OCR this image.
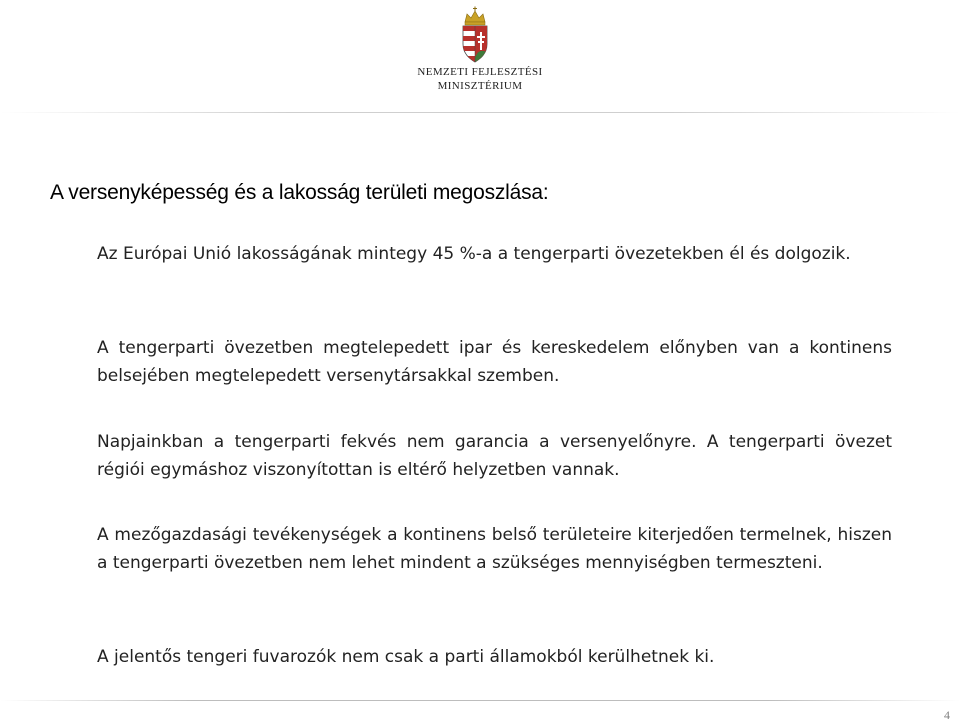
NEMZETI FEJLESZTÉSI
MINISZTÉRIUM
A versenyképesség és a lakosság területi megoszlása:

Az Európai Unió lakosságának mintegy 45 %-a a tengerparti övezetekben él és dolgozik.

A tengerparti övezetben megtelepedett ipar és kereskedelem előnyben van a kontinens belsejében megtelepedett versenytársakkal szemben.

Napjainkban a tengerparti fekvés nem garancia a versenyelőnyre. A tengerparti övezet régiói egymáshoz viszonyítottan is eltérő helyzetben vannak.

A mezőgazdasági tevékenységek a kontinens belső területeire kiterjedően termelnek, hiszen a tengerparti övezetben nem lehet mindent a szükséges mennyiségben termeszteni.

A jelentős tengeri fuvarozók nem csak a parti államokból kerülhetnek ki.

4
